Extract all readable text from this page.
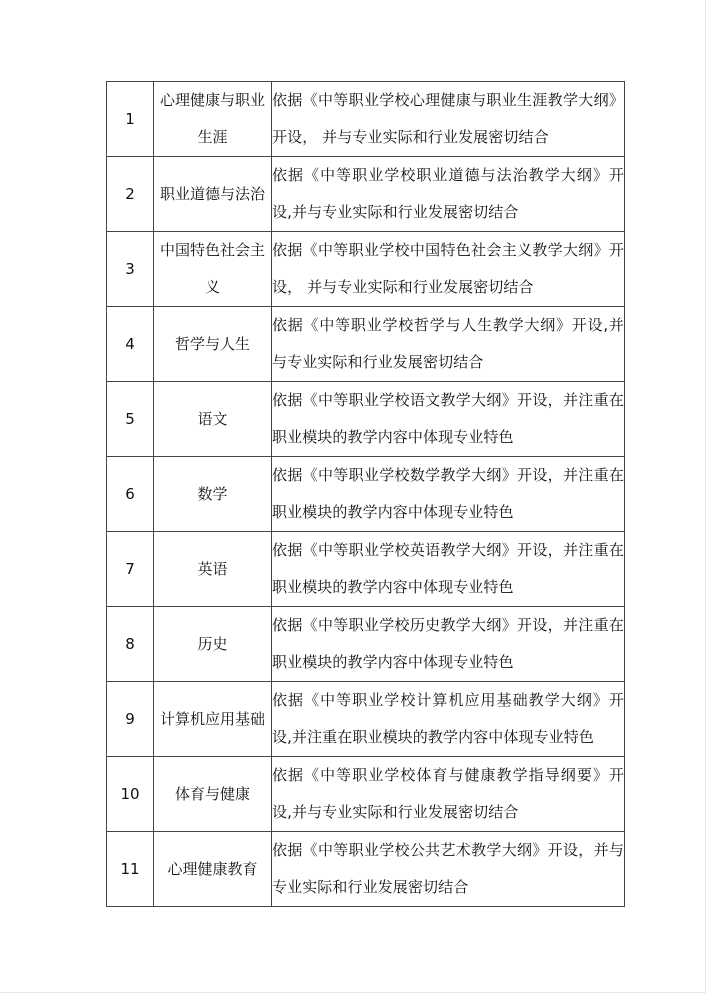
1	心理健康与职业生涯	依据《中等职业学校心理健康与职业生涯教学大纲》开设， 并与专业实际和行业发展密切结合
2	职业道德与法治	依据《中等职业学校职业道德与法治教学大纲》开设,并与专业实际和行业发展密切结合
3	中国特色社会主义	依据《中等职业学校中国特色社会主义教学大纲》开设， 并与专业实际和行业发展密切结合
4	哲学与人生	依据《中等职业学校哲学与人生教学大纲》开设,并与专业实际和行业发展密切结合
5	语文	依据《中等职业学校语文教学大纲》开设，并注重在职业模块的教学内容中体现专业特色
6	数学	依据《中等职业学校数学教学大纲》开设，并注重在职业模块的教学内容中体现专业特色
7	英语	依据《中等职业学校英语教学大纲》开设，并注重在职业模块的教学内容中体现专业特色
8	历史	依据《中等职业学校历史教学大纲》开设，并注重在职业模块的教学内容中体现专业特色
9	计算机应用基础	依据《中等职业学校计算机应用基础教学大纲》开设,并注重在职业模块的教学内容中体现专业特色
10	体育与健康	依据《中等职业学校体育与健康教学指导纲要》开设,并与专业实际和行业发展密切结合
11	心理健康教育	依据《中等职业学校公共艺术教学大纲》开设，并与专业实际和行业发展密切结合
